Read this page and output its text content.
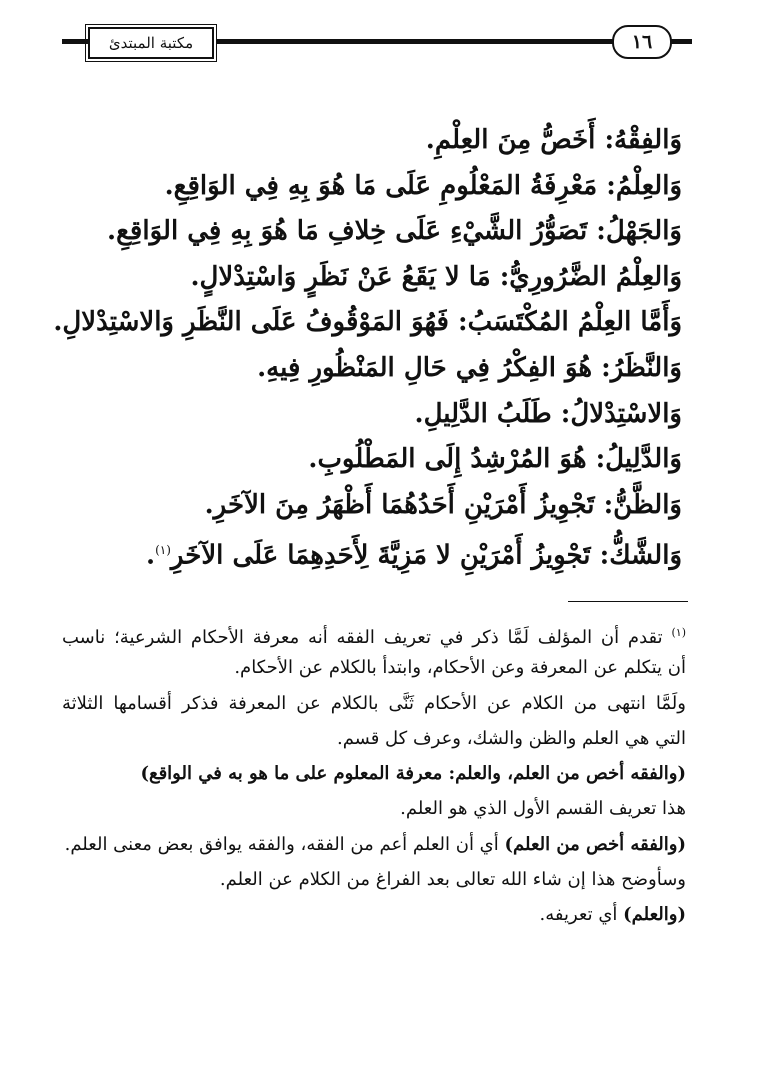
مكتبة المبتدئ	١٦
وَالفِقْهُ: أَخَصُّ مِنَ العِلْمِ.
وَالعِلْمُ: مَعْرِفَةُ المَعْلُومِ عَلَى مَا هُوَ بِهِ فِي الوَاقِعِ.
وَالجَهْلُ: تَصَوُّرُ الشَّيْءِ عَلَى خِلافِ مَا هُوَ بِهِ فِي الوَاقِعِ.
وَالعِلْمُ الضَّرُورِيُّ: مَا لا يَقَعُ عَنْ نَظَرٍ وَاسْتِدْلالٍ.
وَأَمَّا العِلْمُ المُكْتَسَبُ: فَهُوَ المَوْقُوفُ عَلَى النَّظَرِ وَالاسْتِدْلالِ.
وَالنَّظَرُ: هُوَ الفِكْرُ فِي حَالِ المَنْظُورِ فِيهِ.
وَالاسْتِدْلالُ: طَلَبُ الدَّلِيلِ.
وَالدَّلِيلُ: هُوَ المُرْشِدُ إِلَى المَطْلُوبِ.
وَالظَّنُّ: تَجْوِيزُ أَمْرَيْنِ أَحَدُهُمَا أَظْهَرُ مِنَ الآخَرِ.
وَالشَّكُّ: تَجْوِيزُ أَمْرَيْنِ لا مَزِيَّةَ لِأَحَدِهِمَا عَلَى الآخَرِ$^{(١)}$.
$^{(١)}$ تقدم أن المؤلف لَمَّا ذكر في تعريف الفقه أنه معرفة الأحكام الشرعية؛ ناسب
أن يتكلم عن المعرفة وعن الأحكام، وابتدأ بالكلام عن الأحكام.
ولَمَّا انتهى من الكلام عن الأحكام ثَنَّى بالكلام عن المعرفة فذكر أقسامها الثلاثة
التي هي العلم والظن والشك، وعرف كل قسم.
(والفقه أخص من العلم، والعلم: معرفة المعلوم على ما هو به في الواقع)
هذا تعريف القسم الأول الذي هو العلم.
(والفقه أخص من العلم) أي أن العلم أعم من الفقه، والفقه يوافق بعض معنى العلم.
وسأوضح هذا إن شاء الله تعالى بعد الفراغ من الكلام عن العلم.
(والعلم) أي تعريفه.
